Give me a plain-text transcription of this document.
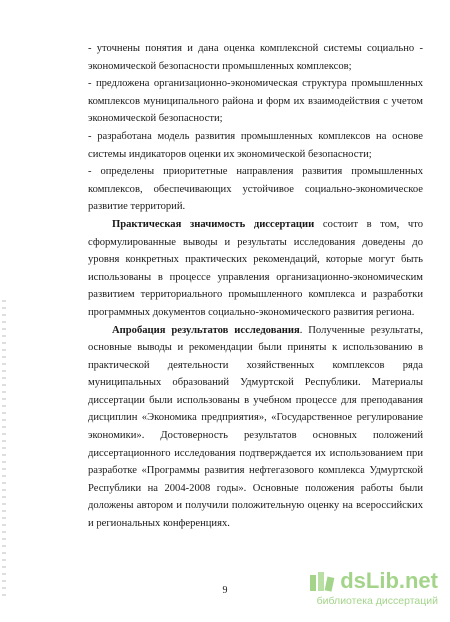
- уточнены понятия и дана оценка комплексной системы социально - экономической безопасности промышленных комплексов;

- предложена организационно-экономическая структура промышленных комплексов муниципального района и форм их взаимодействия с учетом экономической безопасности;

- разработана модель развития промышленных комплексов на основе системы индикаторов оценки их экономической безопасности;

- определены приоритетные направления развития промышленных комплексов, обеспечивающих устойчивое социально-экономическое развитие территорий.

Практическая значимость диссертации состоит в том, что сформулированные выводы и результаты исследования доведены до уровня конкретных практических рекомендаций, которые могут быть использованы в процессе управления организационно-экономическим развитием территориального промышленного комплекса и разработки программных документов социально-экономического развития региона.

Апробация результатов исследования. Полученные результаты, основные выводы и рекомендации были приняты к использованию в практической деятельности хозяйственных комплексов ряда муниципальных образований Удмуртской Республики. Материалы диссертации были использованы в учебном процессе для преподавания дисциплин «Экономика предприятия», «Государственное регулирование экономики». Достоверность результатов основных положений диссертационного исследования подтверждается их использованием при разработке «Программы развития нефтегазового комплекса Удмуртской Республики на 2004-2008 годы». Основные положения работы были доложены автором и получили положительную оценку на всероссийских и региональных конференциях.

9	dsLib.net
библиотека диссертаций
